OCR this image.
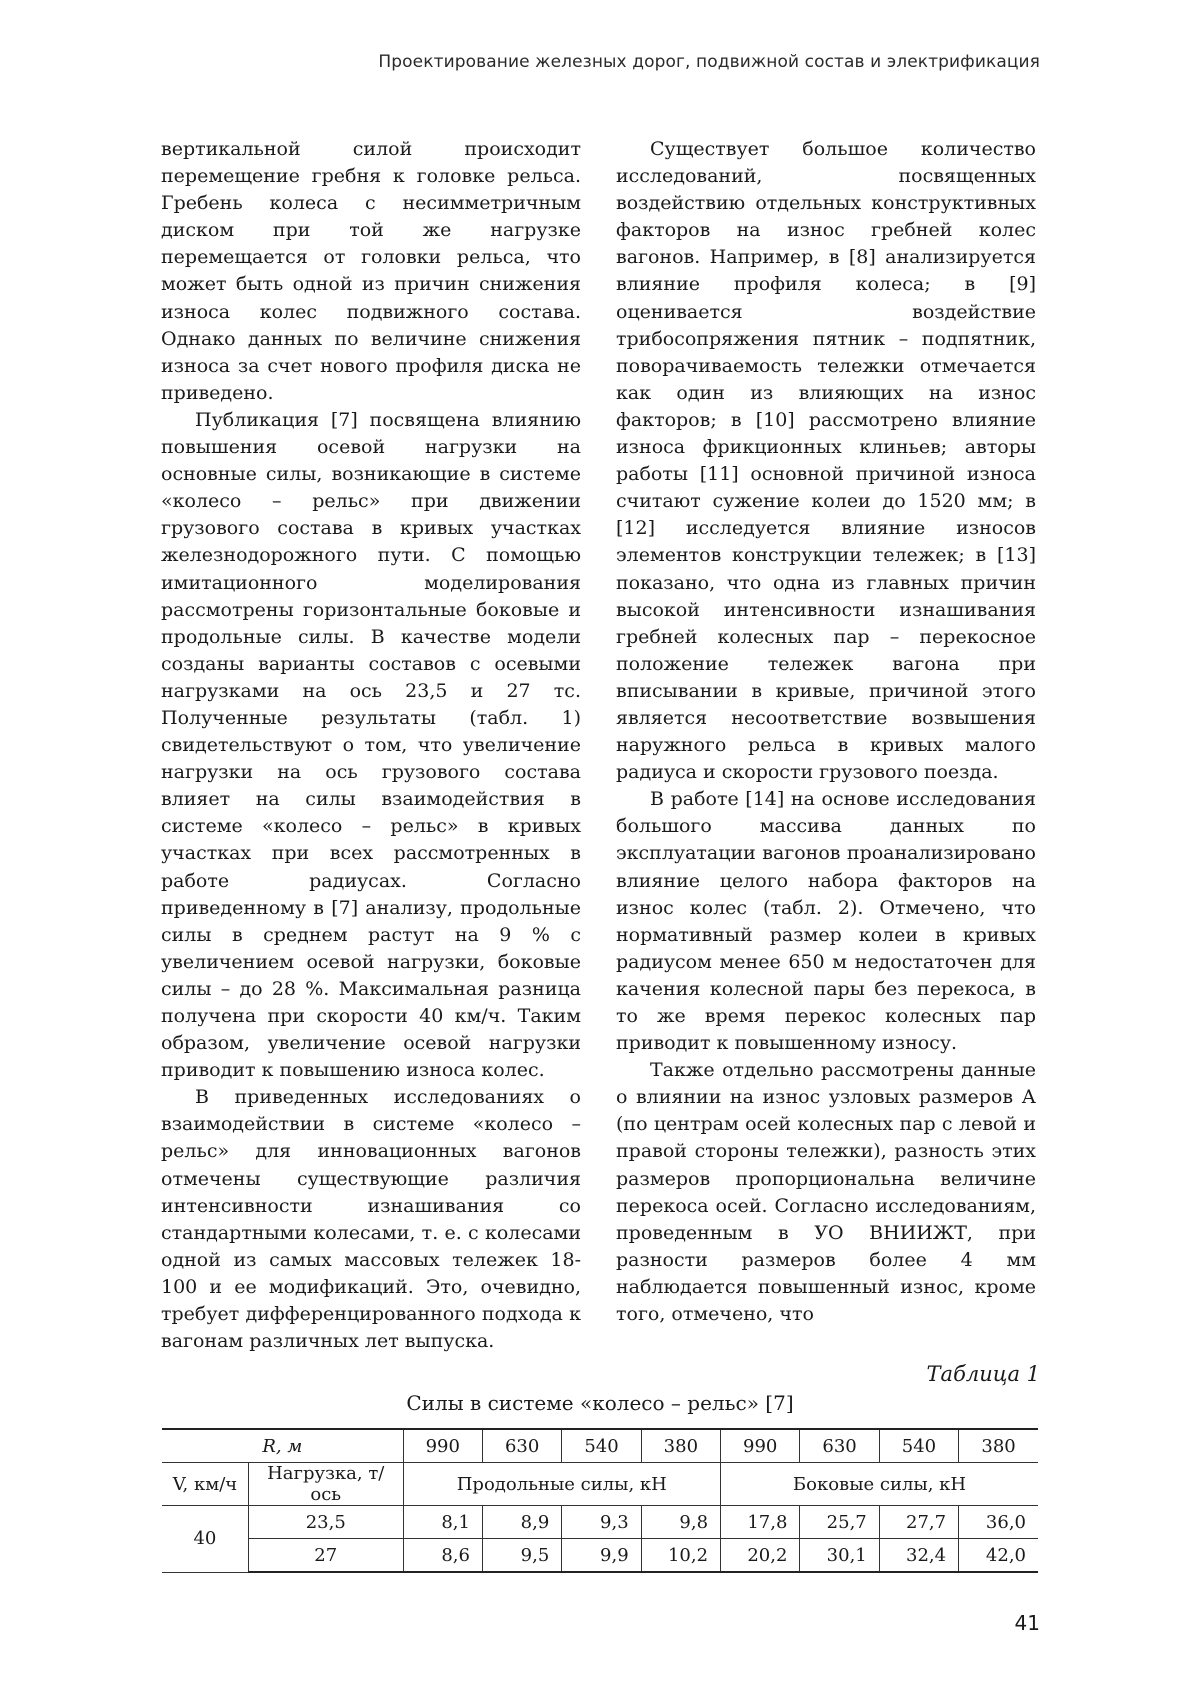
Проектирование железных дорог, подвижной состав и электрификация

вертикальной силой происходит перемещение гребня к головке рельса. Гребень колеса с несимметричным диском при той же нагрузке перемещается от головки рельса, что может быть одной из причин снижения износа колес подвижного состава. Однако данных по величине снижения износа за счет нового профиля диска не приведено.

Публикация [7] посвящена влиянию повышения осевой нагрузки на основные силы, возникающие в системе «колесо – рельс» при движении грузового состава в кривых участках железнодорожного пути. С помощью имитационного моделирования рассмотрены горизонтальные боковые и продольные силы. В качестве модели созданы варианты составов с осевыми нагрузками на ось 23,5 и 27 тс. Полученные результаты (табл. 1) свидетельствуют о том, что увеличение нагрузки на ось грузового состава влияет на силы взаимодействия в системе «колесо – рельс» в кривых участках при всех рассмотренных в работе радиусах. Согласно приведенному в [7] анализу, продольные силы в среднем растут на 9 % с увеличением осевой нагрузки, боковые силы – до 28 %. Максимальная разница получена при скорости 40 км/ч. Таким образом, увеличение осевой нагрузки приводит к повышению износа колес.

В приведенных исследованиях о взаимодействии в системе «колесо – рельс» для инновационных вагонов отмечены существующие различия интенсивности изнашивания со стандартными колесами, т. е. с колесами одной из самых массовых тележек 18-100 и ее модификаций. Это, очевидно, требует дифференцированного подхода к вагонам различных лет выпуска.

Существует большое количество исследований, посвященных воздействию отдельных конструктивных факторов на износ гребней колес вагонов. Например, в [8] анализируется влияние профиля колеса; в [9] оценивается воздействие трибосопряжения пятник – подпятник, поворачиваемость тележки отмечается как один из влияющих на износ факторов; в [10] рассмотрено влияние износа фрикционных клиньев; авторы работы [11] основной причиной износа считают сужение колеи до 1520 мм; в [12] исследуется влияние износов элементов конструкции тележек; в [13] показано, что одна из главных причин высокой интенсивности изнашивания гребней колесных пар – перекосное положение тележек вагона при вписывании в кривые, причиной этого является несоответствие возвышения наружного рельса в кривых малого радиуса и скорости грузового поезда.

В работе [14] на основе исследования большого массива данных по эксплуатации вагонов проанализировано влияние целого набора факторов на износ колес (табл. 2). Отмечено, что нормативный размер колеи в кривых радиусом менее 650 м недостаточен для качения колесной пары без перекоса, в то же время перекос колесных пар приводит к повышенному износу.

Также отдельно рассмотрены данные о влиянии на износ узловых размеров А (по центрам осей колесных пар с левой и правой стороны тележки), разность этих размеров пропорциональна величине перекоса осей. Согласно исследованиям, проведенным в УО ВНИИЖТ, при разности размеров более 4 мм наблюдается повышенный износ, кроме того, отмечено, что

Таблица 1
Силы в системе «колесо – рельс» [7]
R, м		990	630	540	380	990	630	540	380
V, км/ч	Нагрузка, т/ось	Продольные силы, кН				Боковые силы, кН			
40	23,5	8,1	8,9	9,3	9,8	17,8	25,7	27,7	36,0
	27	8,6	9,5	9,9	10,2	20,2	30,1	32,4	42,0
41
